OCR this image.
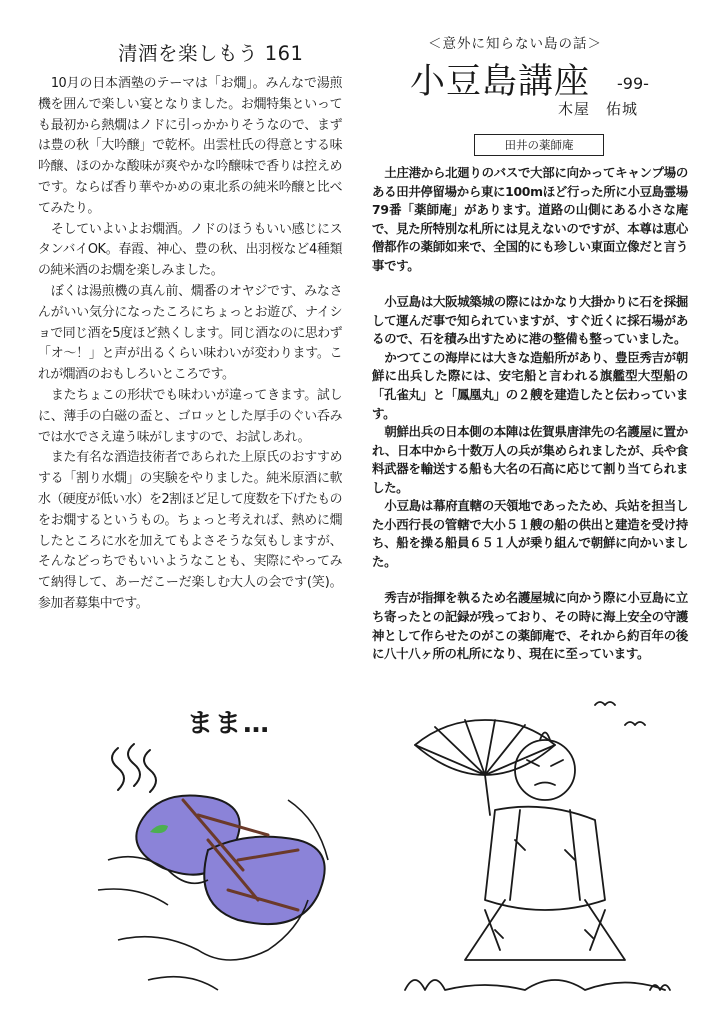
清酒を楽しもう 161

10月の日本酒塾のテーマは「お燗」。みんなで湯煎機を囲んで楽しい宴となりました。お燗特集といっても最初から熱燗はノドに引っかかりそうなので、まずは豊の秋「大吟醸」で乾杯。出雲杜氏の得意とする味吟醸、ほのかな酸味が爽やかな吟醸味で香りは控えめです。ならば香り華やかめの東北系の純米吟醸と比べてみたり。

そしていよいよお燗酒。ノドのほうもいい感じにスタンバイOK。春霞、神心、豊の秋、出羽桜など4種類の純米酒のお燗を楽しみました。

ぼくは湯煎機の真ん前、燗番のオヤジです、みなさんがいい気分になったころにちょっとお遊び、ナイショで同じ酒を5度ほど熱くします。同じ酒なのに思わず「オ～！」と声が出るくらい味わいが変わります。これが燗酒のおもしろいところです。

またちょこの形状でも味わいが違ってきます。試しに、薄手の白磁の盃と、ゴロッとした厚手のぐい呑みでは水でさえ違う味がしますので、お試しあれ。

また有名な酒造技術者であられた上原氏のおすすめする「割り水燗」の実験をやりました。純米原酒に軟水（硬度が低い水）を2割ほど足して度数を下げたものをお燗するというもの。ちょっと考えれば、熱めに燗したところに水を加えてもよさそうな気もしますが、そんなどっちでもいいようなことも、実際にやってみて納得して、あーだこーだ楽しむ大人の会です(笑)。参加者募集中です。

まま…
＜意外に知らない島の話＞
小豆島講座 -99-
木屋 佑城
田井の薬師庵

土庄港から北廻りのバスで大部に向かってキャンプ場のある田井停留場から東に100mほど行った所に小豆島霊場79番「薬師庵」があります。道路の山側にある小さな庵で、見た所特別な札所には見えないのですが、本尊は恵心僧都作の薬師如来で、全国的にも珍しい東面立像だと言う事です。

小豆島は大阪城築城の際にはかなり大掛かりに石を採掘して運んだ事で知られていますが、すぐ近くに採石場があるので、石を積み出すために港の整備も整っていました。

かつてこの海岸には大きな造船所があり、豊臣秀吉が朝鮮に出兵した際には、安宅船と言われる旗艦型大型船の「孔雀丸」と「鳳凰丸」の２艘を建造したと伝わっています。

朝鮮出兵の日本側の本陣は佐賀県唐津先の名護屋に置かれ、日本中から十数万人の兵が集められましたが、兵や食料武器を輸送する船も大名の石高に応じて割り当てられました。

小豆島は幕府直轄の天領地であったため、兵站を担当した小西行長の管轄で大小５１艘の船の供出と建造を受け持ち、船を操る船員６５１人が乗り組んで朝鮮に向かいました。

秀吉が指揮を執るため名護屋城に向かう際に小豆島に立ち寄ったとの記録が残っており、その時に海上安全の守護神として作らせたのがこの薬師庵で、それから約百年の後に八十八ヶ所の札所になり、現在に至っています。
